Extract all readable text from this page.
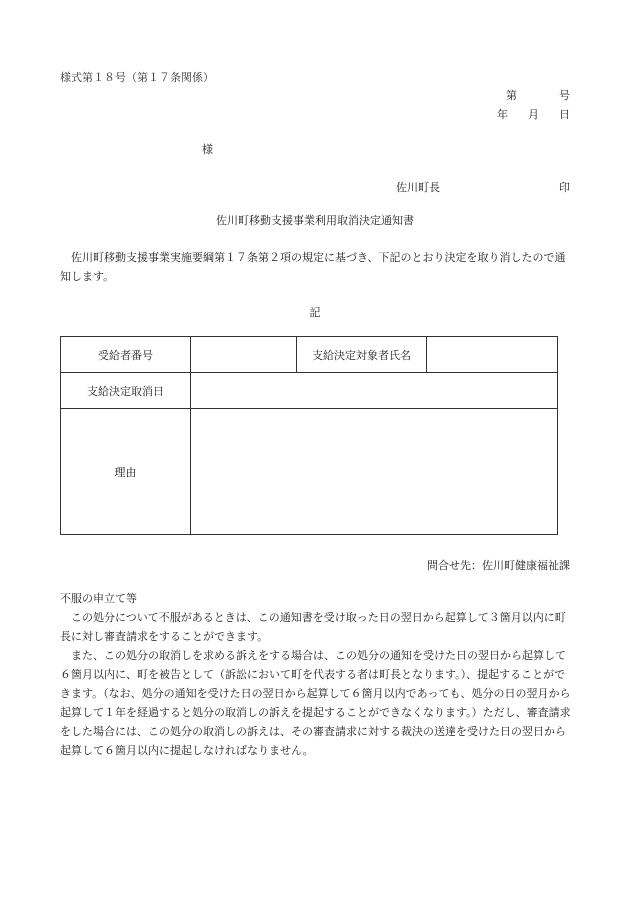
様式第１８号（第１７条関係）
第	号
年 月 日
様
佐川町長	印
佐川町移動支援事業利用取消決定通知書
佐川町移動支援事業実施要綱第１７条第２項の規定に基づき、下記のとおり決定を取り消したので通知します。
記
受給者番号		支給決定対象者氏名	
支給決定取消日			
理由			
問合せ先：佐川町健康福祉課
不服の申立て等

この処分について不服があるときは、この通知書を受け取った日の翌日から起算して３箇月以内に町長に対し審査請求をすることができます。

また、この処分の取消しを求める訴えをする場合は、この処分の通知を受けた日の翌日から起算して６箇月以内に、町を被告として（訴訟において町を代表する者は町長となります。）、提起することができます。（なお、処分の通知を受けた日の翌日から起算して６箇月以内であっても、処分の日の翌月から起算して１年を経過すると処分の取消しの訴えを提起することができなくなります。）ただし、審査請求をした場合には、この処分の取消しの訴えは、その審査請求に対する裁決の送達を受けた日の翌日から起算して６箇月以内に提起しなければなりません。
